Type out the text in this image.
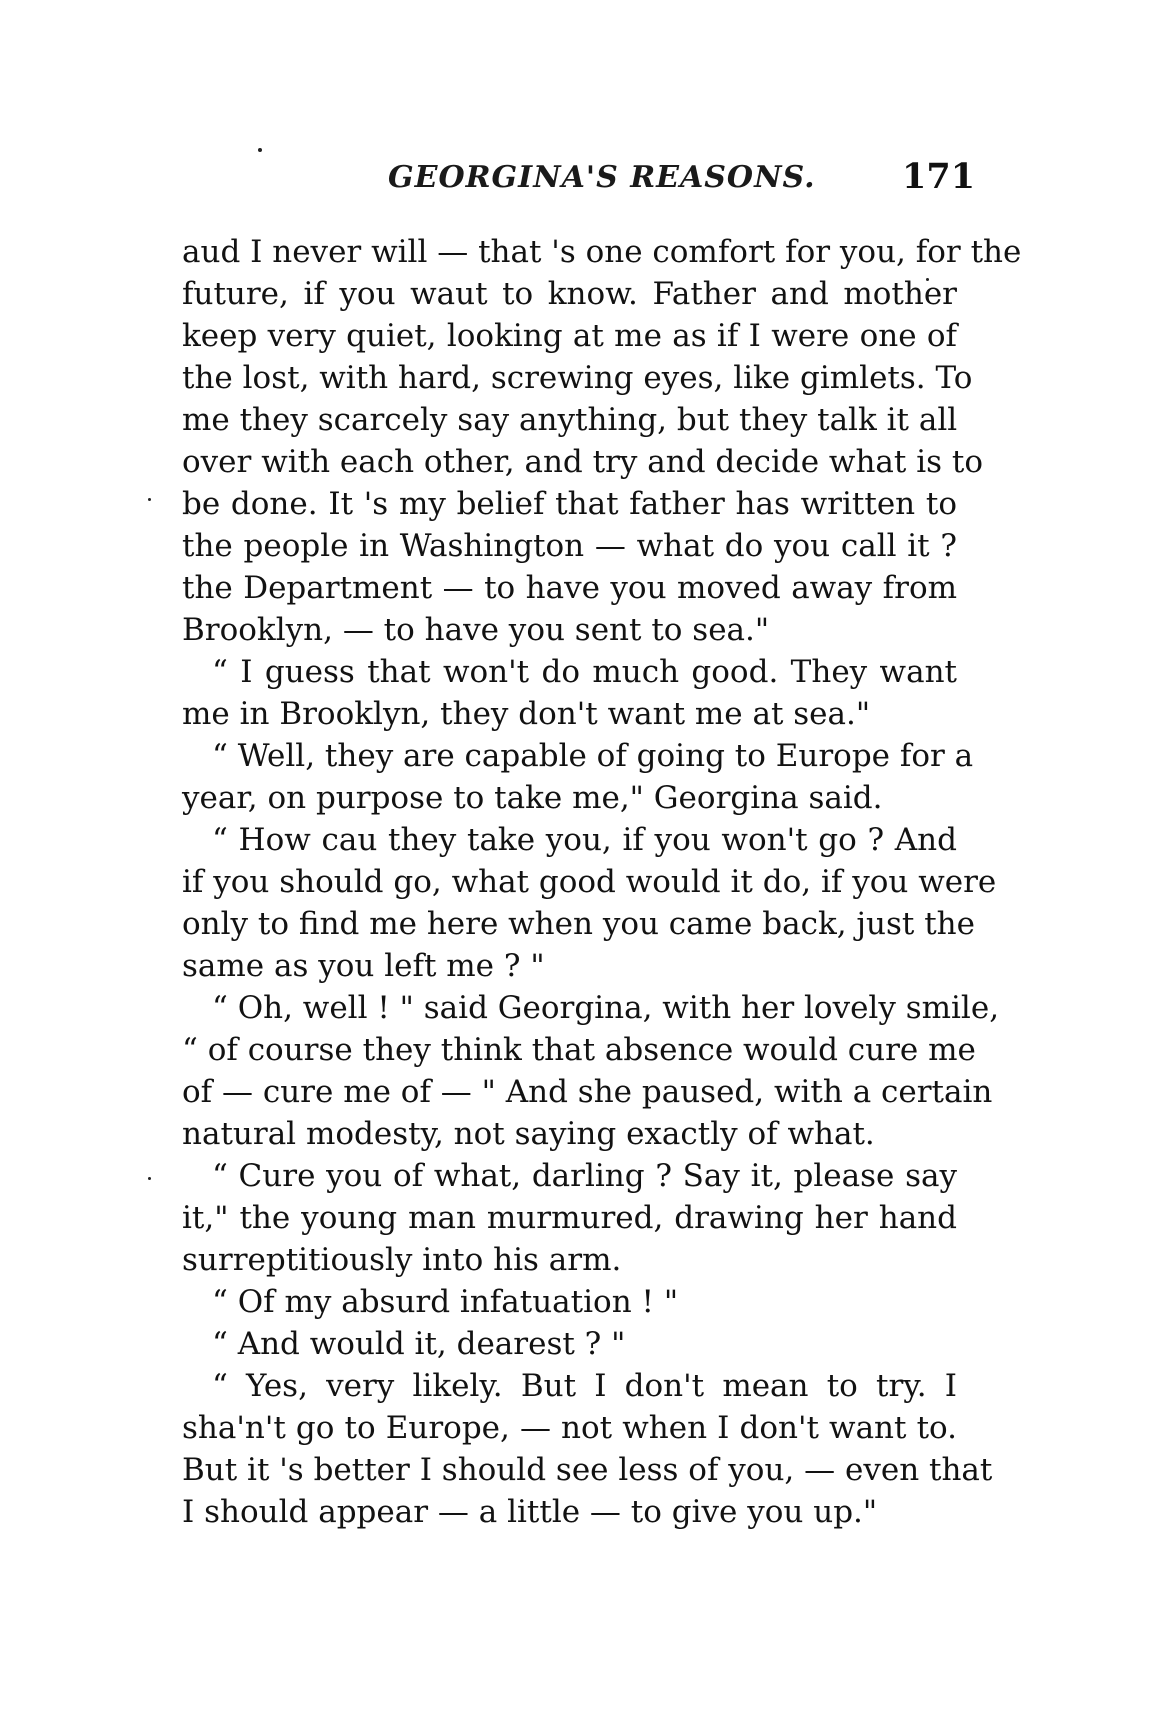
GEORGINA'S REASONS. 171
aud I never will — that 's one comfort for you, for the
future, if you waut to know. Father and mother
keep very quiet, looking at me as if I were one of
the lost, with hard, screwing eyes, like gimlets. To
me they scarcely say anything, but they talk it all
over with each other, and try and decide what is to
be done. It 's my belief that father has written to
the people in Washington — what do you call it ?
the Department — to have you moved away from
Brooklyn, — to have you sent to sea."
“ I guess that won't do much good. They want
me in Brooklyn, they don't want me at sea."
“ Well, they are capable of going to Europe for a
year, on purpose to take me," Georgina said.
“ How cau they take you, if you won't go ? And
if you should go, what good would it do, if you were
only to find me here when you came back, just the
same as you left me ? "
“ Oh, well ! " said Georgina, with her lovely smile,
“ of course they think that absence would cure me
of — cure me of — " And she paused, with a certain
natural modesty, not saying exactly of what.
“ Cure you of what, darling ? Say it, please say
it," the young man murmured, drawing her hand
surreptitiously into his arm.
“ Of my absurd infatuation ! "
“ And would it, dearest ? "
“ Yes, very likely. But I don't mean to try. I
sha'n't go to Europe, — not when I don't want to.
But it 's better I should see less of you, — even that
I should appear — a little — to give you up."
